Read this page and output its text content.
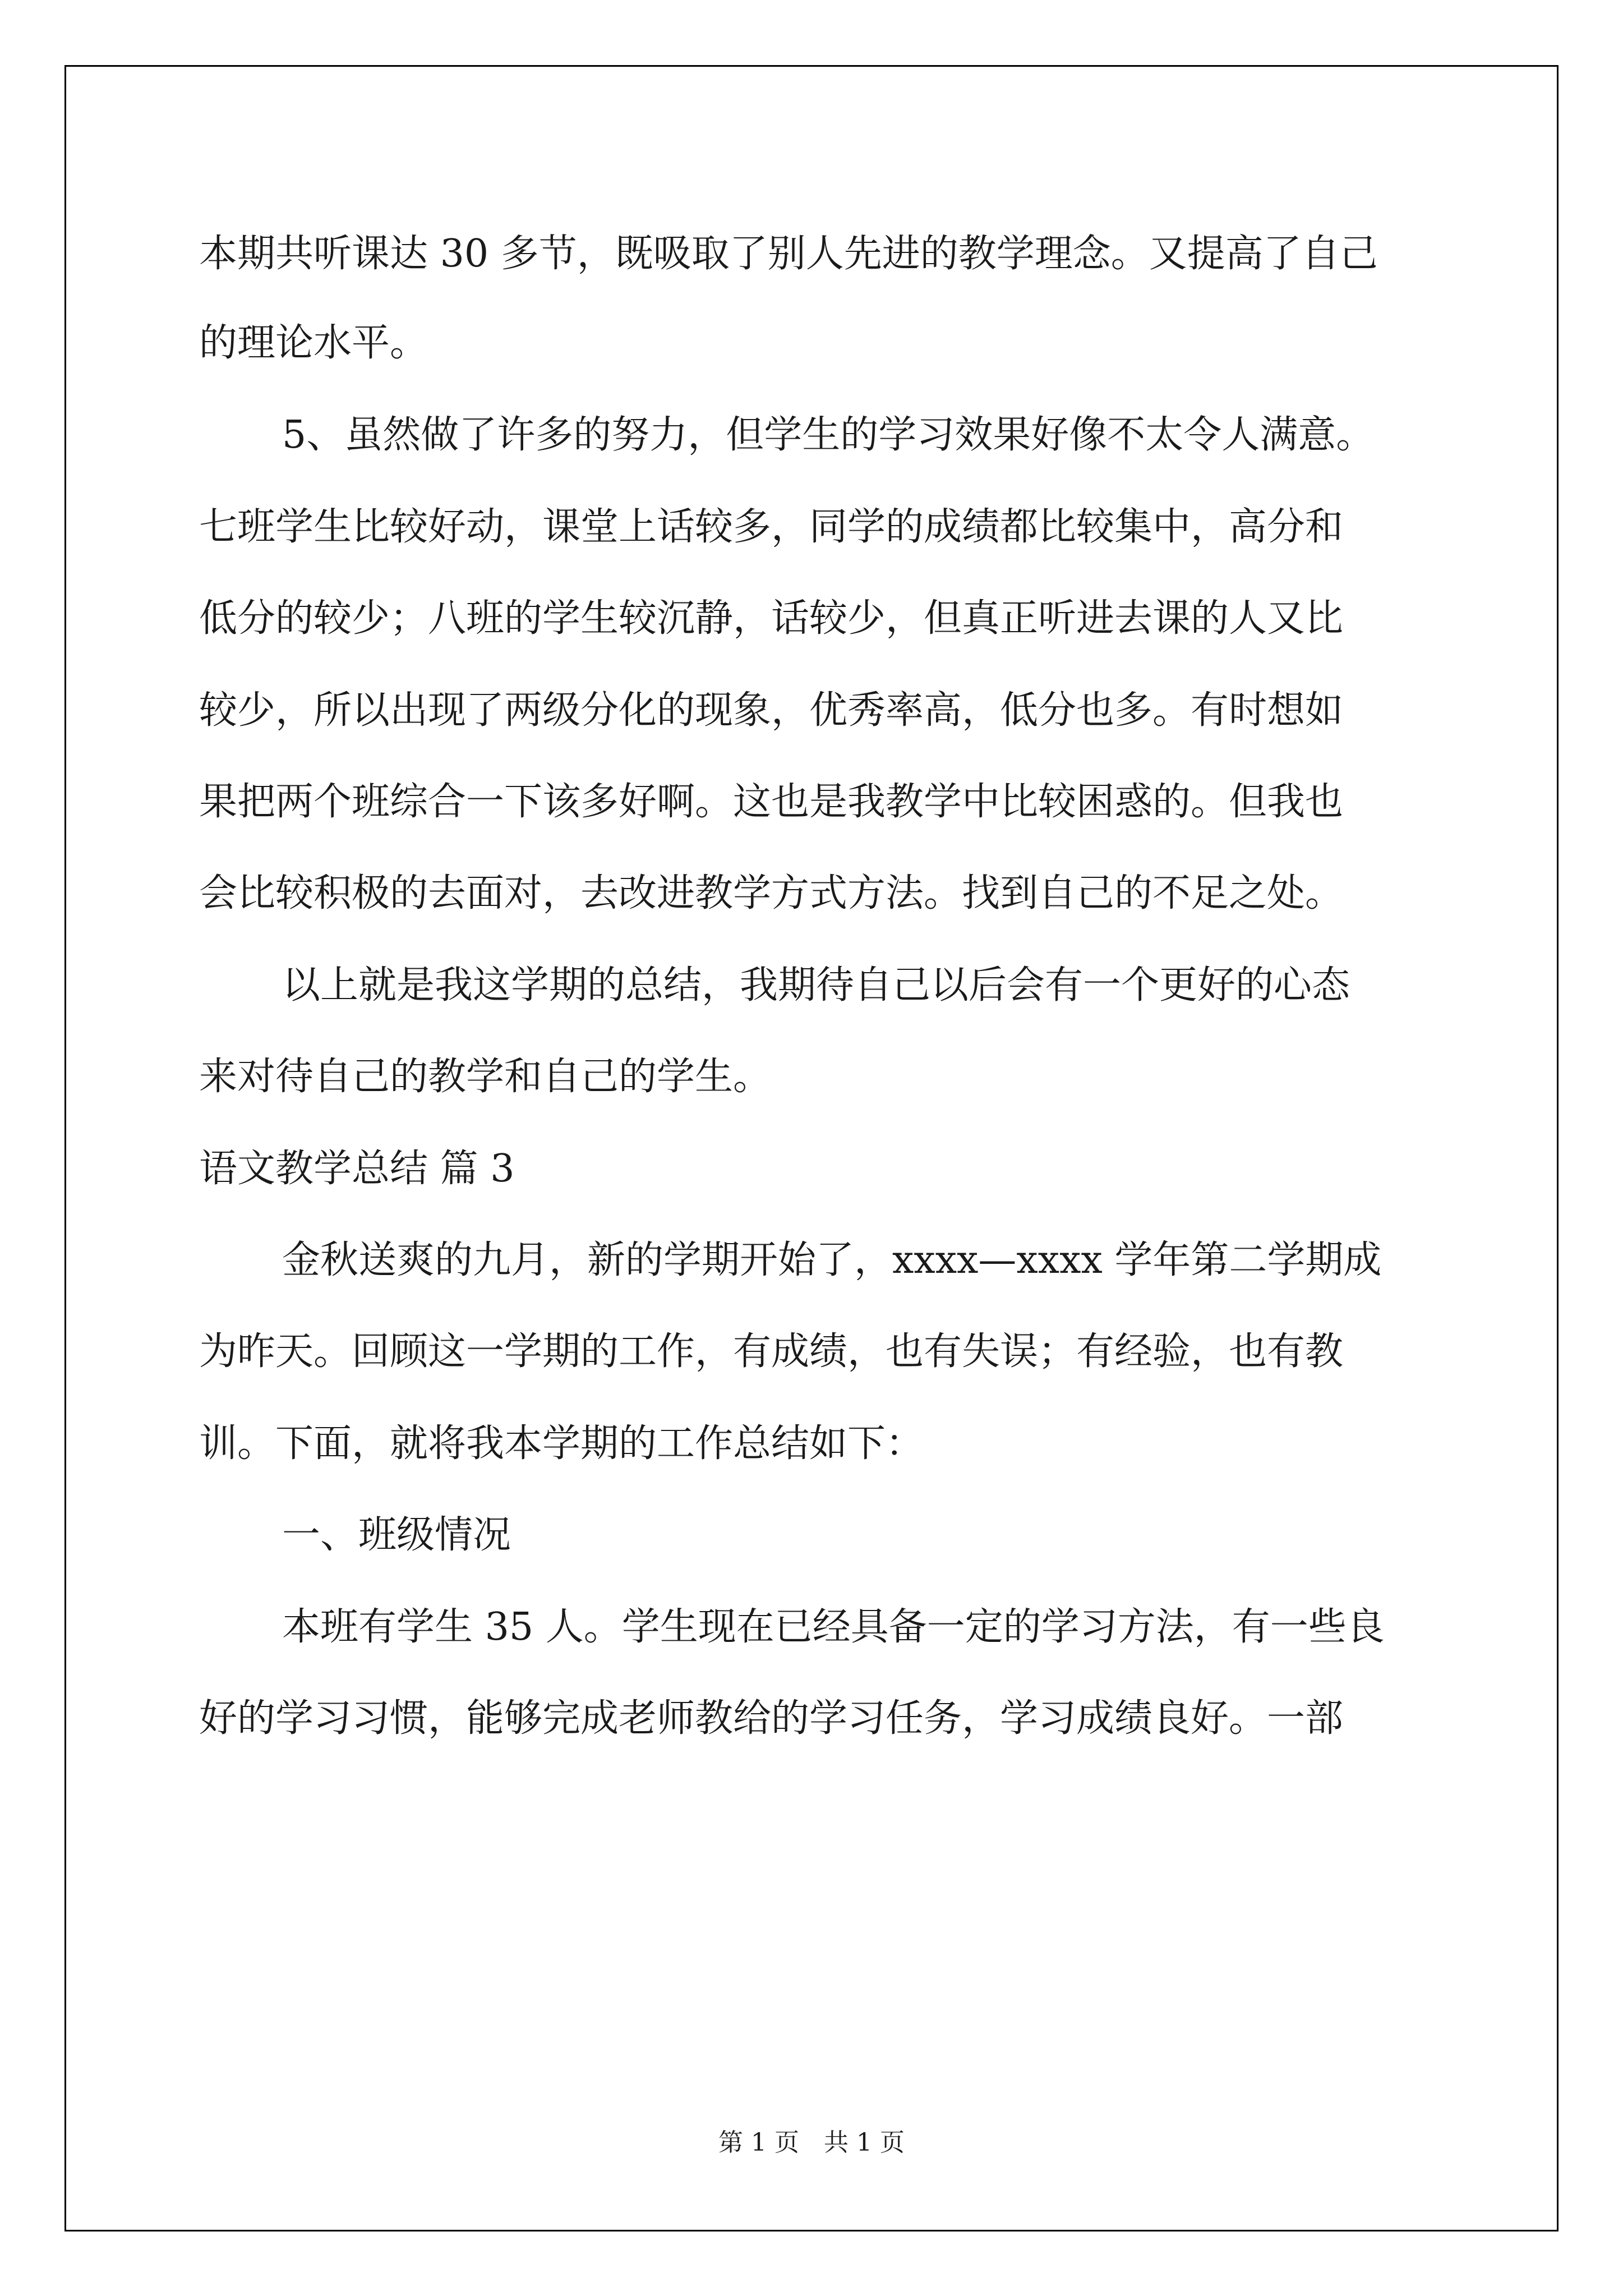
本期共听课达 30 多节，既吸取了别人先进的教学理念。又提高了自己
的理论水平。
5、虽然做了许多的努力，但学生的学习效果好像不太令人满意。
七班学生比较好动，课堂上话较多，同学的成绩都比较集中，高分和
低分的较少；八班的学生较沉静，话较少，但真正听进去课的人又比
较少，所以出现了两级分化的现象，优秀率高，低分也多。有时想如
果把两个班综合一下该多好啊。这也是我教学中比较困惑的。但我也
会比较积极的去面对，去改进教学方式方法。找到自己的不足之处。
以上就是我这学期的总结，我期待自己以后会有一个更好的心态
来对待自己的教学和自己的学生。
语文教学总结 篇 3
金秋送爽的九月，新的学期开始了，xxxx—xxxx 学年第二学期成
为昨天。回顾这一学期的工作，有成绩，也有失误；有经验，也有教
训。下面，就将我本学期的工作总结如下：
一、班级情况
本班有学生 35 人。学生现在已经具备一定的学习方法，有一些良
好的学习习惯，能够完成老师教给的学习任务，学习成绩良好。一部
第 1 页　共 1 页
